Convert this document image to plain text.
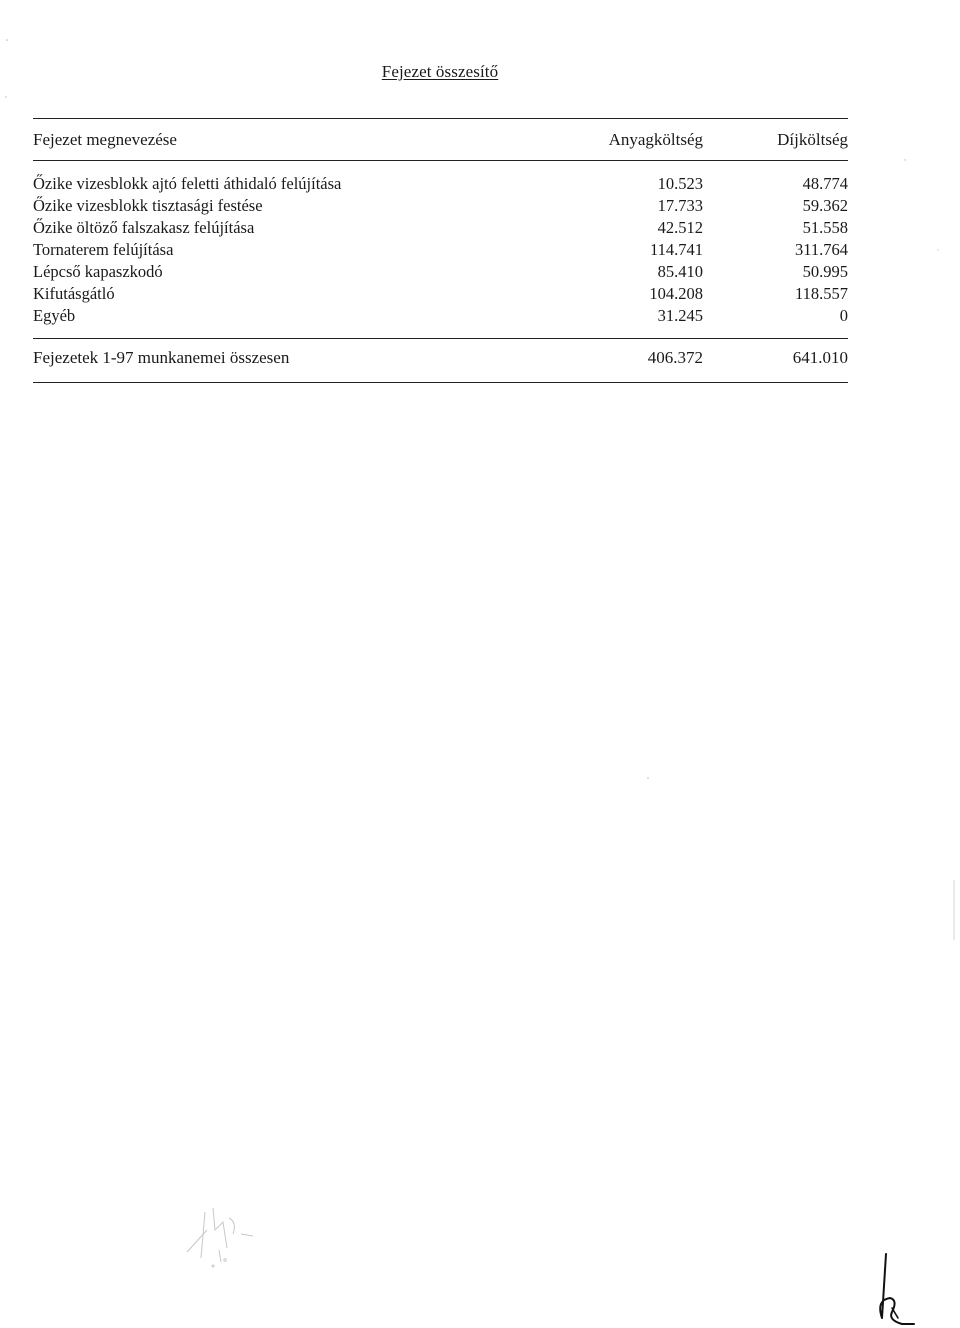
Fejezet összesítő
Fejezet megnevezése	Anyagköltség	Díjköltség
Őzike vizesblokk ajtó feletti áthidaló felújítása	10.523	48.774
Őzike vizesblokk tisztasági festése	17.733	59.362
Őzike öltöző falszakasz felújítása	42.512	51.558
Tornaterem felújítása	114.741	311.764
Lépcső kapaszkodó	85.410	50.995
Kifutásgátló	104.208	118.557
Egyéb	31.245	0
Fejezetek 1-97 munkanemei összesen	406.372	641.010
